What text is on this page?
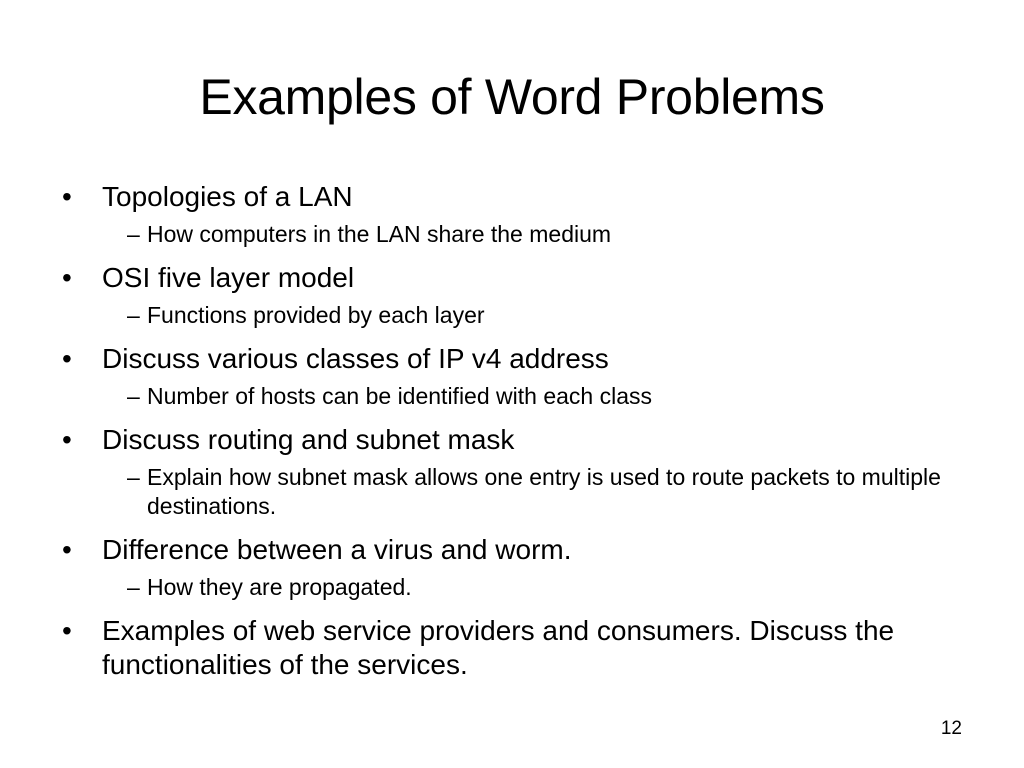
Examples of Word Problems
•	Topologies of a LAN
– How computers in the LAN share the medium
•	OSI five layer model
– Functions provided by each layer
•	Discuss various classes of IP v4 address
– Number of hosts can be identified with each class
•	Discuss routing and subnet mask
– Explain how subnet mask allows one entry is used to route packets to multiple destinations.
•	Difference between a virus and worm.
– How they are propagated.
•	Examples of web service providers and consumers. Discuss the functionalities of the services.
12
